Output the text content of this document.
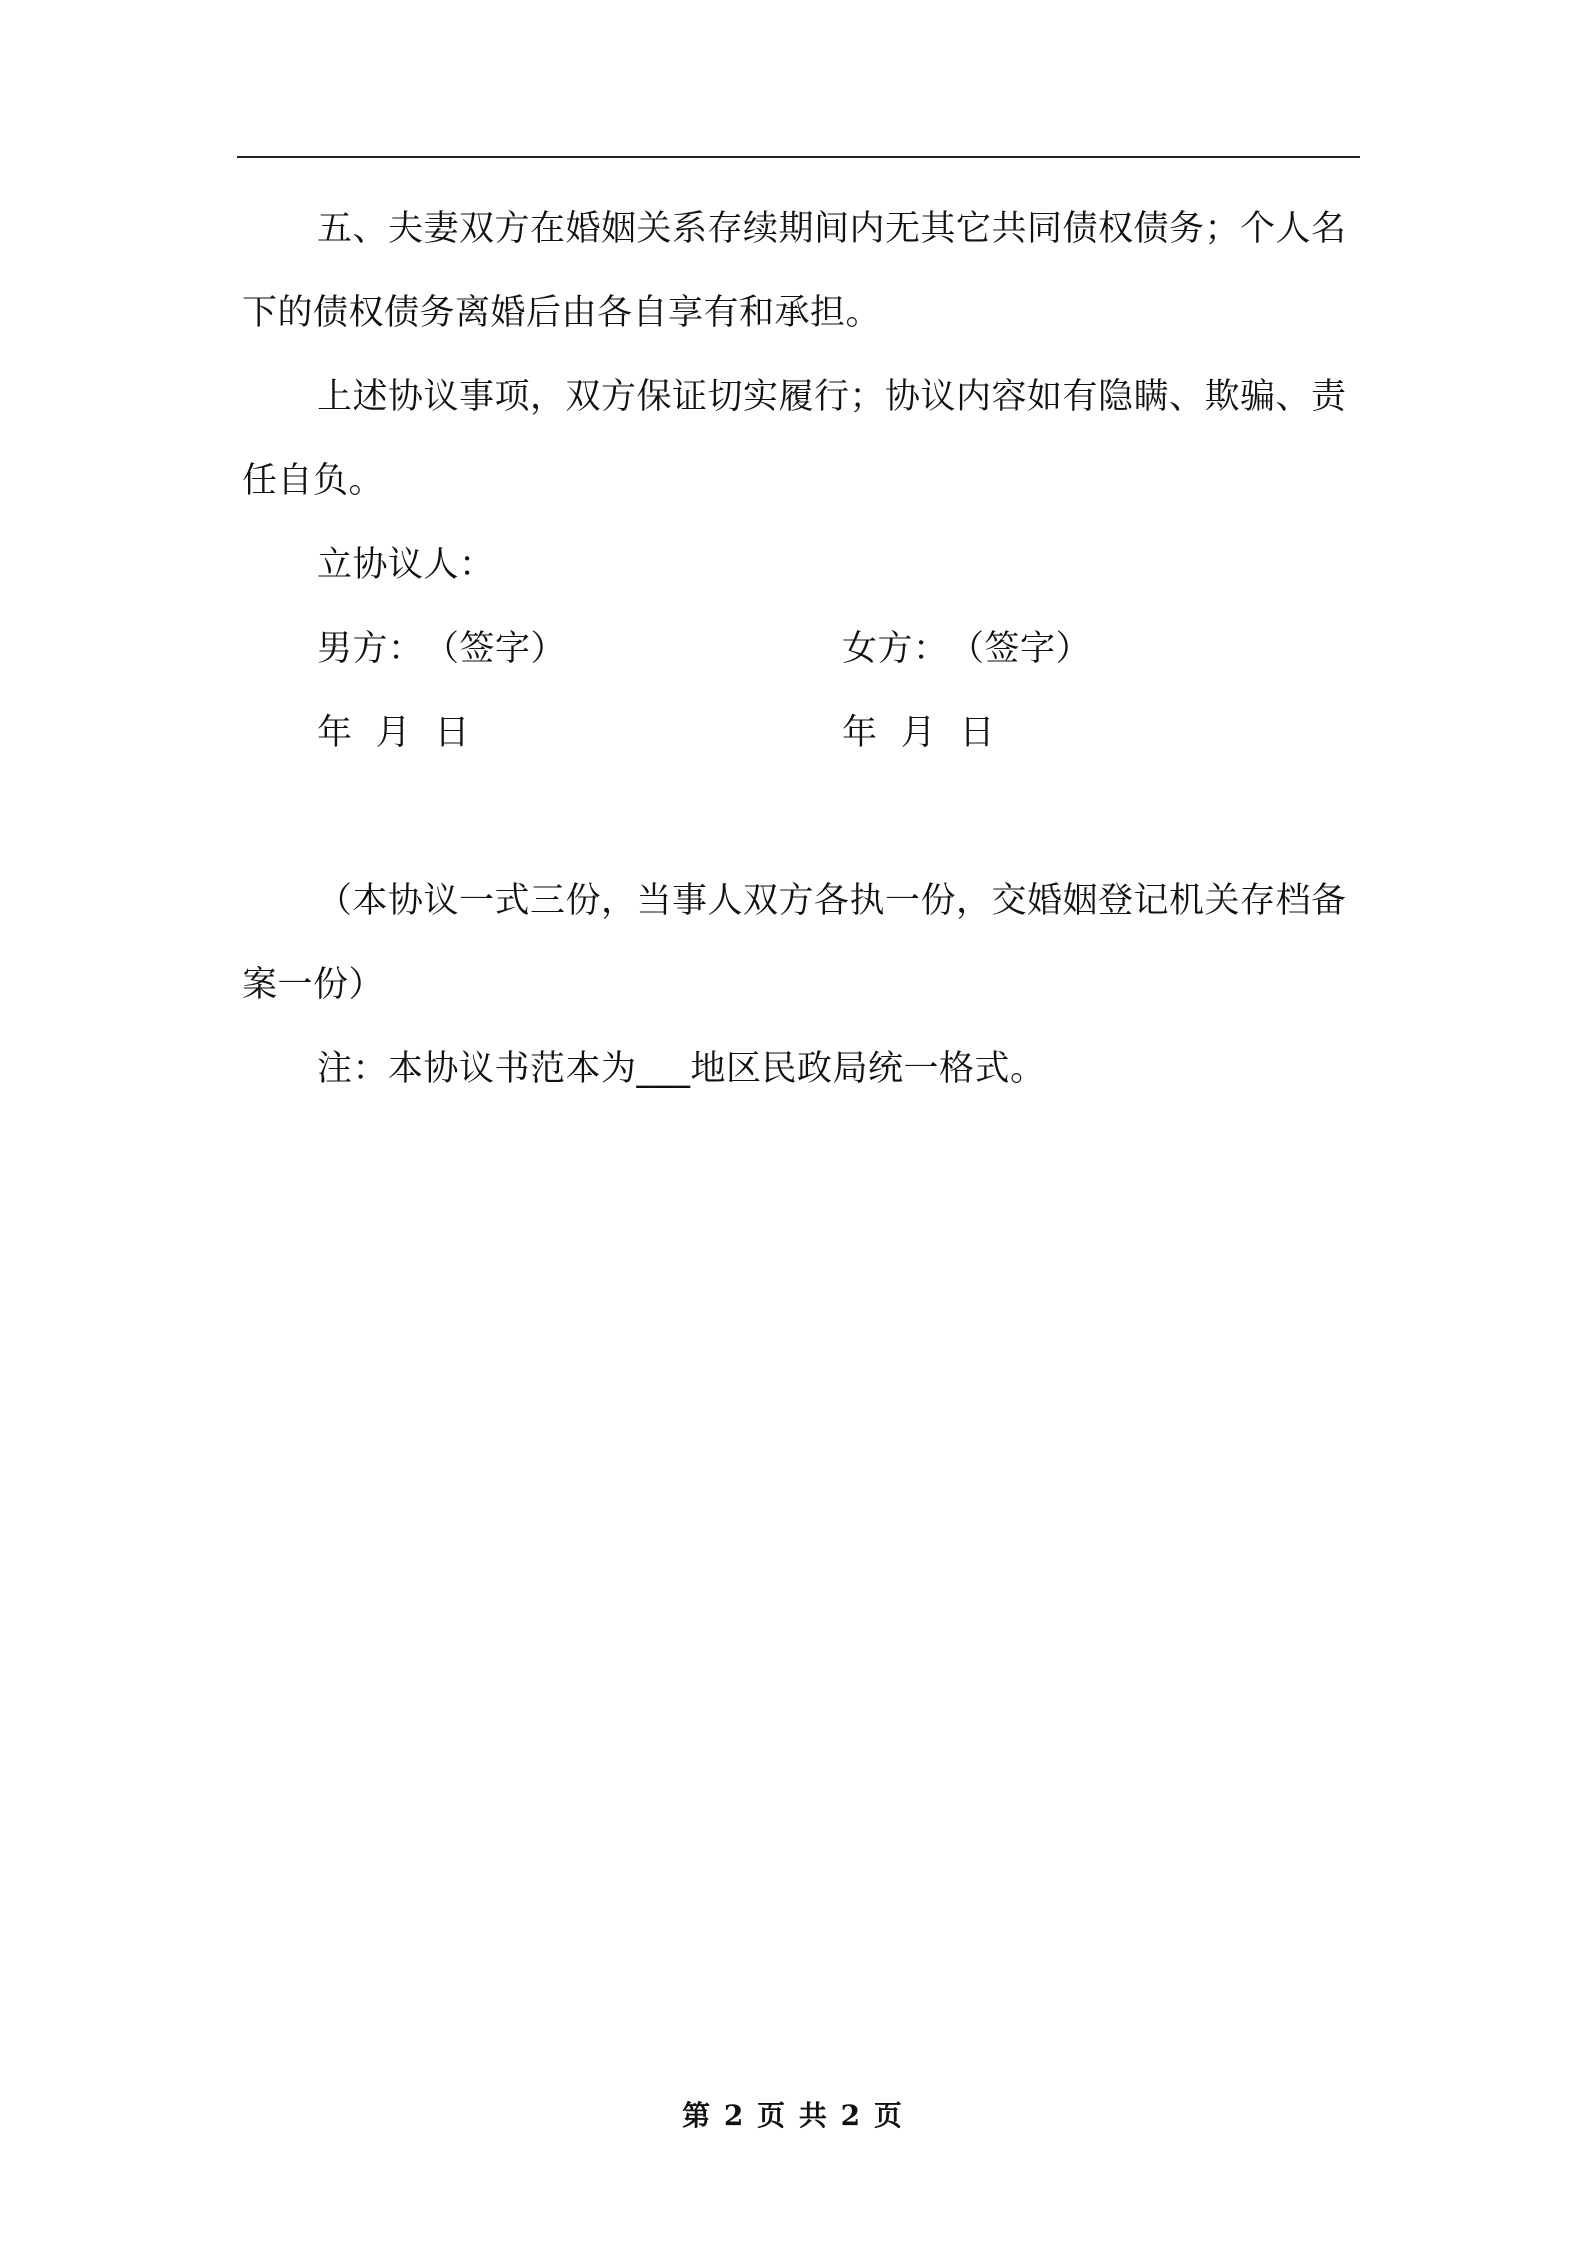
五、夫妻双方在婚姻关系存续期间内无其它共同债权债务；个人名下的债权债务离婚后由各自享有和承担。

上述协议事项，双方保证切实履行；协议内容如有隐瞒、欺骗、责任自负。

立协议人：

男方：　（签字）	女方：　（签字）

年  月  日	年  月  日

（本协议一式三份，当事人双方各执一份，交婚姻登记机关存档备案一份）

注：本协议书范本为___地区民政局统一格式。

第 2 页 共 2 页
